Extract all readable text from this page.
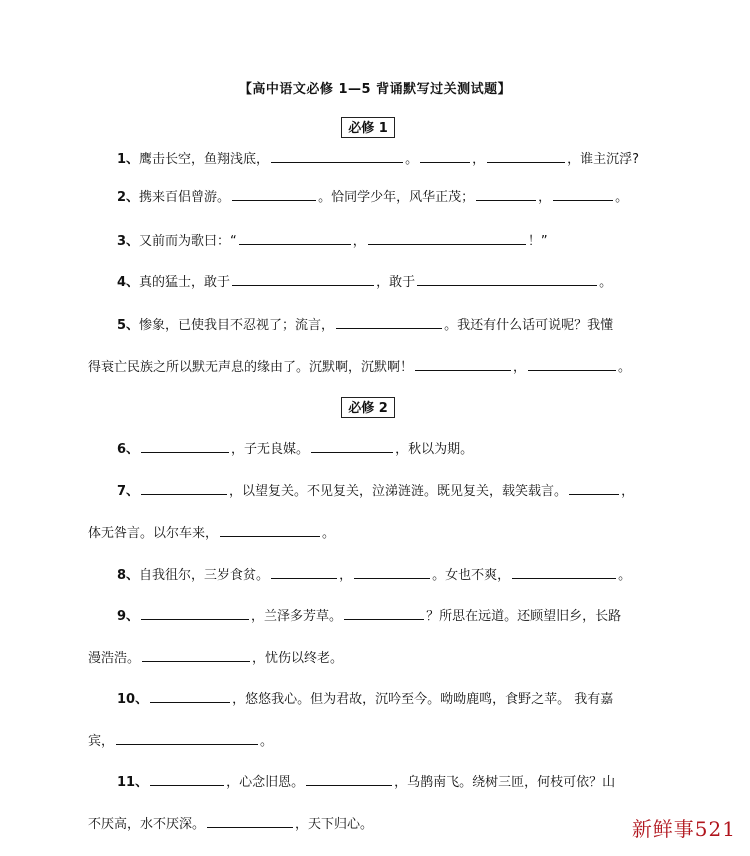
【高中语文必修 1—5 背诵默写过关测试题】
必修 1
1、鹰击长空，鱼翔浅底，	。	，	，谁主沉浮?
2、携来百侣曾游。	。恰同学少年，风华正茂；	，	。
3、又前而为歌曰：“	，	！”
4、真的猛士，敢于	，敢于	。
5、惨象，已使我目不忍视了；流言，	。我还有什么话可说呢？我懂
得衰亡民族之所以默无声息的缘由了。沉默啊，沉默啊！	，	。
必修 2
6、	，子无良媒。	，秋以为期。
7、	，以望复关。不见复关，泣涕涟涟。既见复关，载笑载言。	，
体无咎言。以尔车来，	。
8、自我徂尔，三岁食贫。	，	。女也不爽，	。
9、	，兰泽多芳草。	？所思在远道。还顾望旧乡，长路
漫浩浩。	，忧伤以终老。
10、	，悠悠我心。但为君故，沉吟至今。呦呦鹿鸣，食野之苹。 我有嘉
宾，	。
11、	，心念旧恩。	，乌鹊南飞。绕树三匝，何枝可依？山
不厌高，水不厌深。	，天下归心。	新鲜事521
